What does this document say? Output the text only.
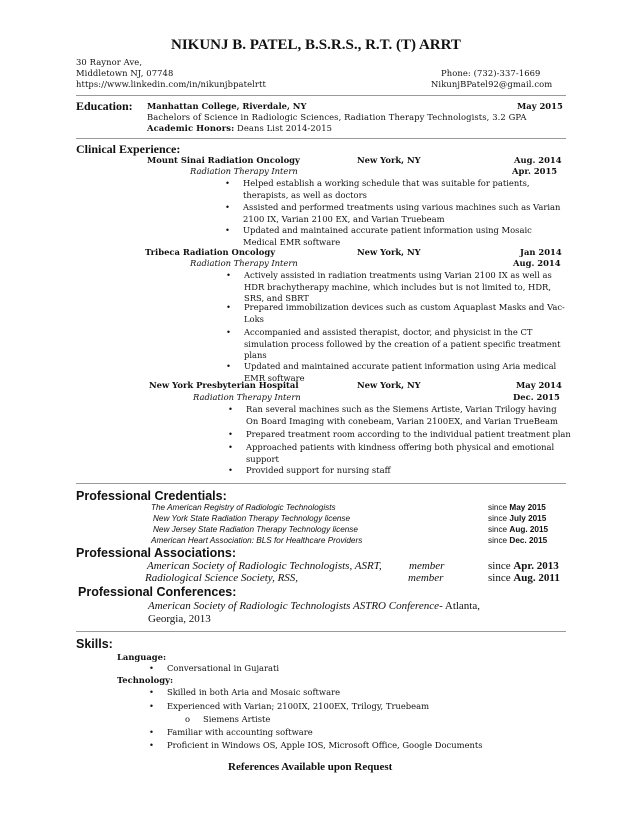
NIKUNJ B. PATEL, B.S.R.S., R.T. (T) ARRT
30 Raynor Ave,
Middletown NJ, 07748
https://www.linkedin.com/in/nikunjbpatelrtt
Phone: (732)-337-1669
NikunjBPatel92@gmail.com
Education: Manhattan College, Riverdale, NY	May 2015
Bachelors of Science in Radiologic Sciences, Radiation Therapy Technologists, 3.2 GPA
Academic Honors: Deans List 2014-2015
Clinical Experience:
Mount Sinai Radiation Oncology	New York, NY	Aug. 2014
Radiation Therapy Intern	Apr. 2015
• Helped establish a working schedule that was suitable for patients, therapists, as well as doctors
• Assisted and performed treatments using various machines such as Varian 2100 IX, Varian 2100 EX, and Varian Truebeam
• Updated and maintained accurate patient information using Mosaic Medical EMR software
Tribeca Radiation Oncology	New York, NY	Jan 2014
Radiation Therapy Intern	Aug. 2014
• Actively assisted in radiation treatments using Varian 2100 IX as well as HDR brachytherapy machine, which includes but is not limited to, HDR, SRS, and SBRT
• Prepared immobilization devices such as custom Aquaplast Masks and Vac-Loks
• Accompanied and assisted therapist, doctor, and physicist in the CT simulation process followed by the creation of a patient specific treatment plans
• Updated and maintained accurate patient information using Aria medical EMR software
New York Presbyterian Hospital	New York, NY	May 2014
Radiation Therapy Intern	Dec. 2015
• Ran several machines such as the Siemens Artiste, Varian Trilogy having On Board Imaging with conebeam, Varian 2100EX, and Varian TrueBeam
• Prepared treatment room according to the individual patient treatment plan
• Approached patients with kindness offering both physical and emotional support
• Provided support for nursing staff
Professional Credentials:
The American Registry of Radiologic Technologists	since May 2015
New York State Radiation Therapy Technology license	since July 2015
New Jersey State Radiation Therapy Technology license	since Aug. 2015
American Heart Association: BLS for Healthcare Providers	since Dec. 2015
Professional Associations:
American Society of Radiologic Technologists, ASRT, member	since Apr. 2013
Radiological Science Society, RSS,	member	since Aug. 2011
Professional Conferences:
American Society of Radiologic Technologists ASTRO Conference- Atlanta,
Georgia, 2013
Skills:
Language:
• Conversational in Gujarati
Technology:
• Skilled in both Aria and Mosaic software
• Experienced with Varian; 2100IX, 2100EX, Trilogy, Truebeam
o Siemens Artiste
• Familiar with accounting software
• Proficient in Windows OS, Apple IOS, Microsoft Office, Google Documents
References Available upon Request
